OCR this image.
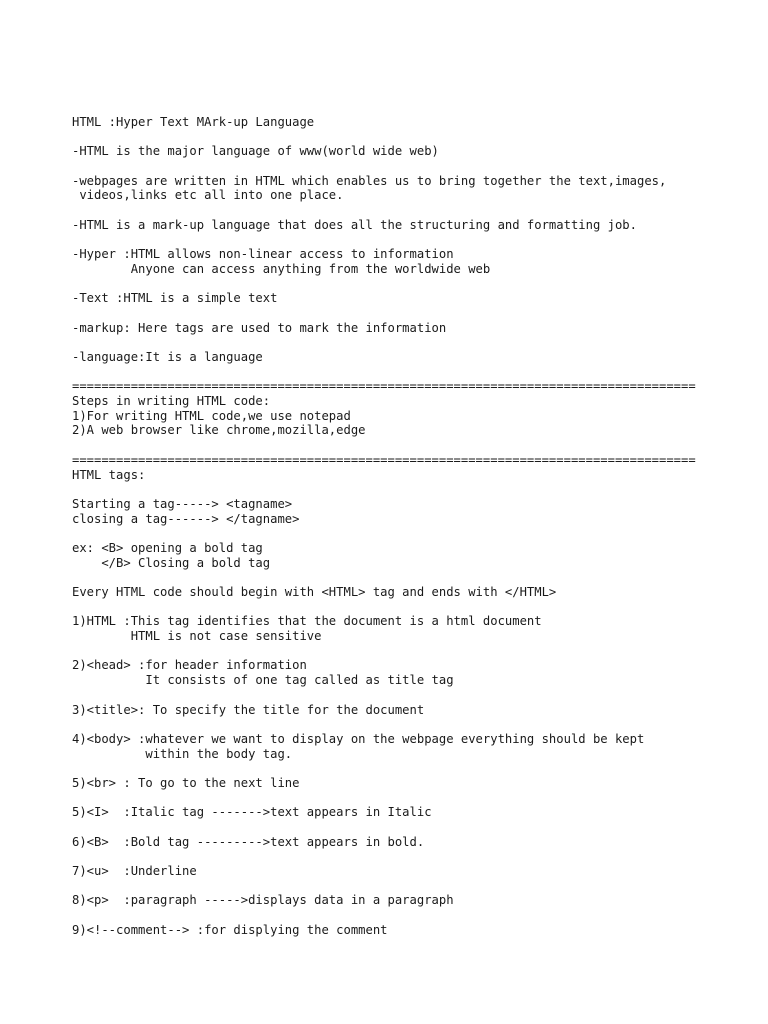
HTML :Hyper Text MArk-up Language

-HTML is the major language of www(world wide web)

-webpages are written in HTML which enables us to bring together the text,images,
videos,links etc all into one place.

-HTML is a mark-up language that does all the structuring and formatting job.

-Hyper :HTML allows non-linear access to information
Anyone can access anything from the worldwide web

-Text :HTML is a simple text

-markup: Here tags are used to mark the information

-language:It is a language

=====================================================================================
Steps in writing HTML code:
1)For writing HTML code,we use notepad
2)A web browser like chrome,mozilla,edge

=====================================================================================
HTML tags:

Starting a tag-----> <tagname>
closing a tag------> </tagname>

ex: <B> opening a bold tag
</B> Closing a bold tag

Every HTML code should begin with <HTML> tag and ends with </HTML>

1)HTML :This tag identifies that the document is a html document
HTML is not case sensitive

2)<head> :for header information
It consists of one tag called as title tag

3)<title>: To specify the title for the document

4)<body> :whatever we want to display on the webpage everything should be kept
within the body tag.

5)<br> : To go to the next line

5)<I>  :Italic tag ------->text appears in Italic

6)<B>  :Bold tag --------->text appears in bold.

7)<u>  :Underline

8)<p>  :paragraph ----->displays data in a paragraph

9)<!--comment--> :for displying the comment
